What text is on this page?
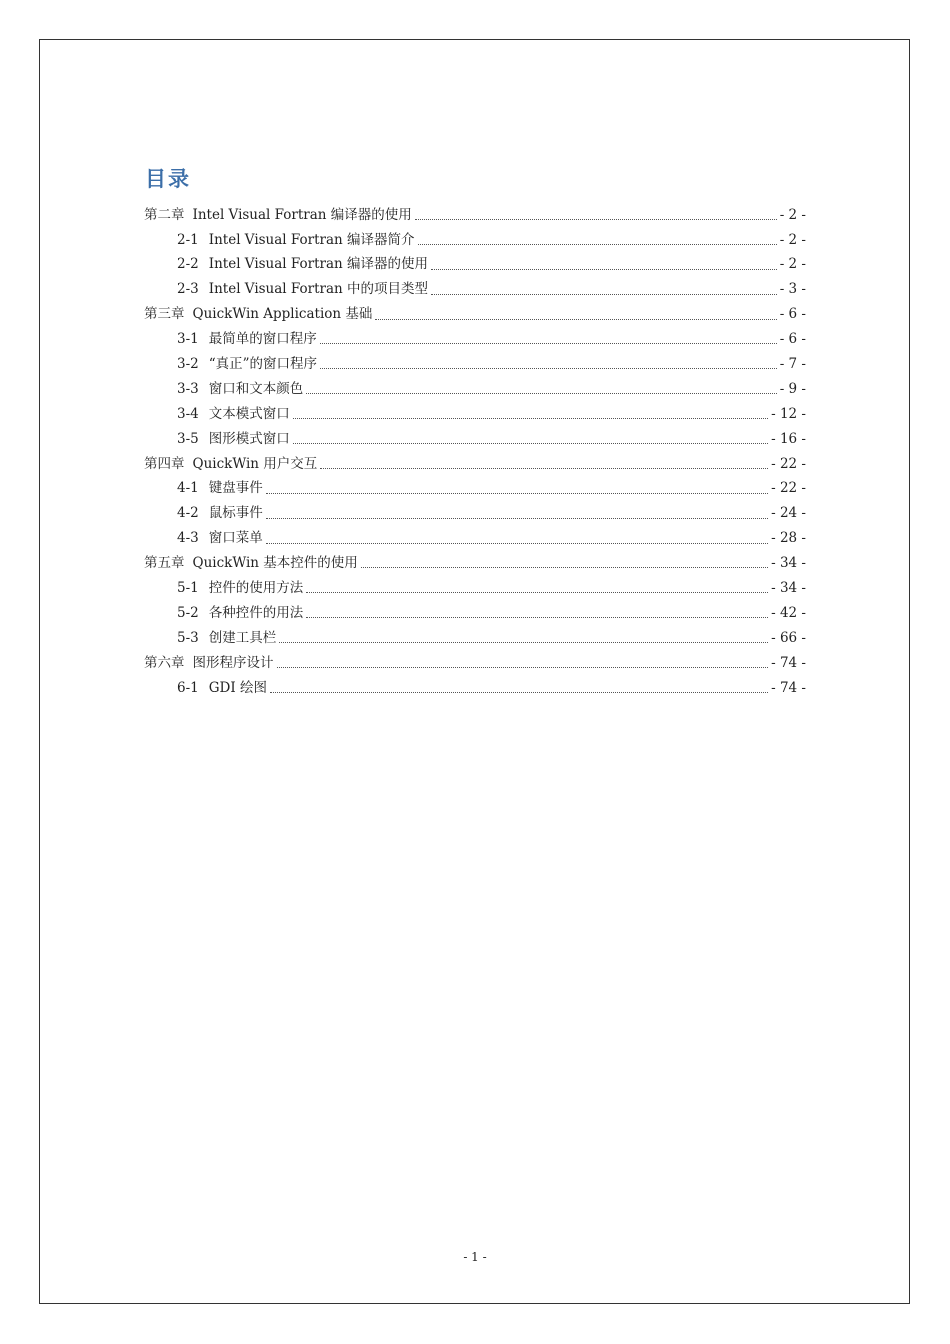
目录
第二章 Intel Visual Fortran 编译器的使用	- 2 -
2-1 Intel Visual Fortran 编译器简介	- 2 -
2-2 Intel Visual Fortran 编译器的使用	- 2 -
2-3 Intel Visual Fortran 中的项目类型	- 3 -
第三章 QuickWin Application 基础	- 6 -
3-1 最简单的窗口程序	- 6 -
3-2 “真正”的窗口程序	- 7 -
3-3 窗口和文本颜色	- 9 -
3-4 文本模式窗口	- 12 -
3-5 图形模式窗口	- 16 -
第四章 QuickWin 用户交互	- 22 -
4-1 键盘事件	- 22 -
4-2 鼠标事件	- 24 -
4-3 窗口菜单	- 28 -
第五章 QuickWin 基本控件的使用	- 34 -
5-1 控件的使用方法	- 34 -
5-2 各种控件的用法	- 42 -
5-3 创建工具栏	- 66 -
第六章 图形程序设计	- 74 -
6-1 GDI 绘图	- 74 -
- 1 -
